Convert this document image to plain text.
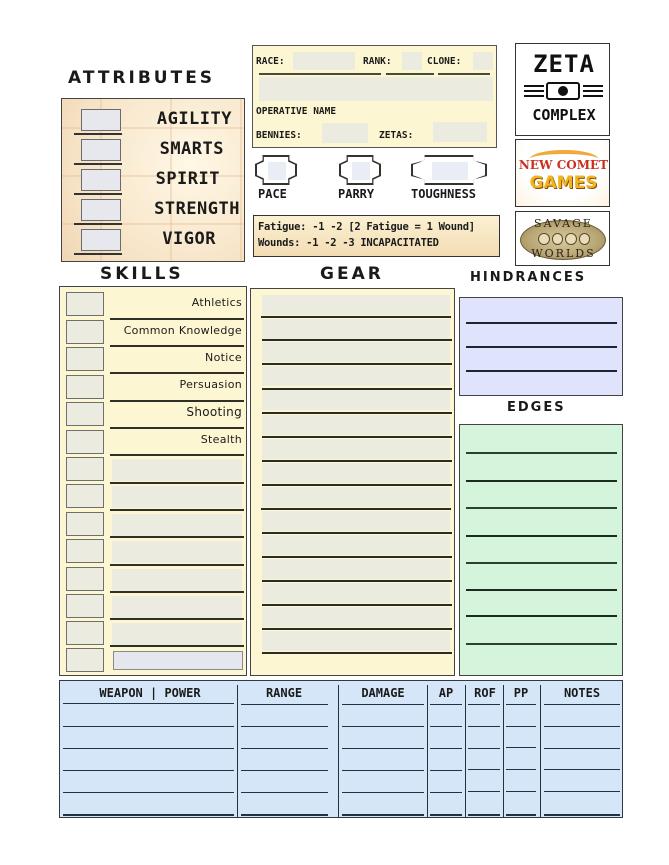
ATTRIBUTES
SKILLS	GEAR	HINDRANCES
EDGES
AGILITY
SMARTS
SPIRIT
STRENGTH
VIGOR
RACE:	RANK:	CLONE:
OPERATIVE NAME
BENNIES:	ZETAS:
PACE	PARRY	TOUGHNESS
Fatigue: -1 -2 [2 Fatigue = 1 Wound]
Wounds: -1 -2 -3 INCAPACITATED
ZETA
COMPLEX
NEW COMET
GAMES
SAVAGE
WORLDS
Athletics
Common Knowledge
Notice
Persuasion
Shooting
Stealth
WEAPON | POWER	RANGE	DAMAGE	AP	ROF	PP	NOTES
